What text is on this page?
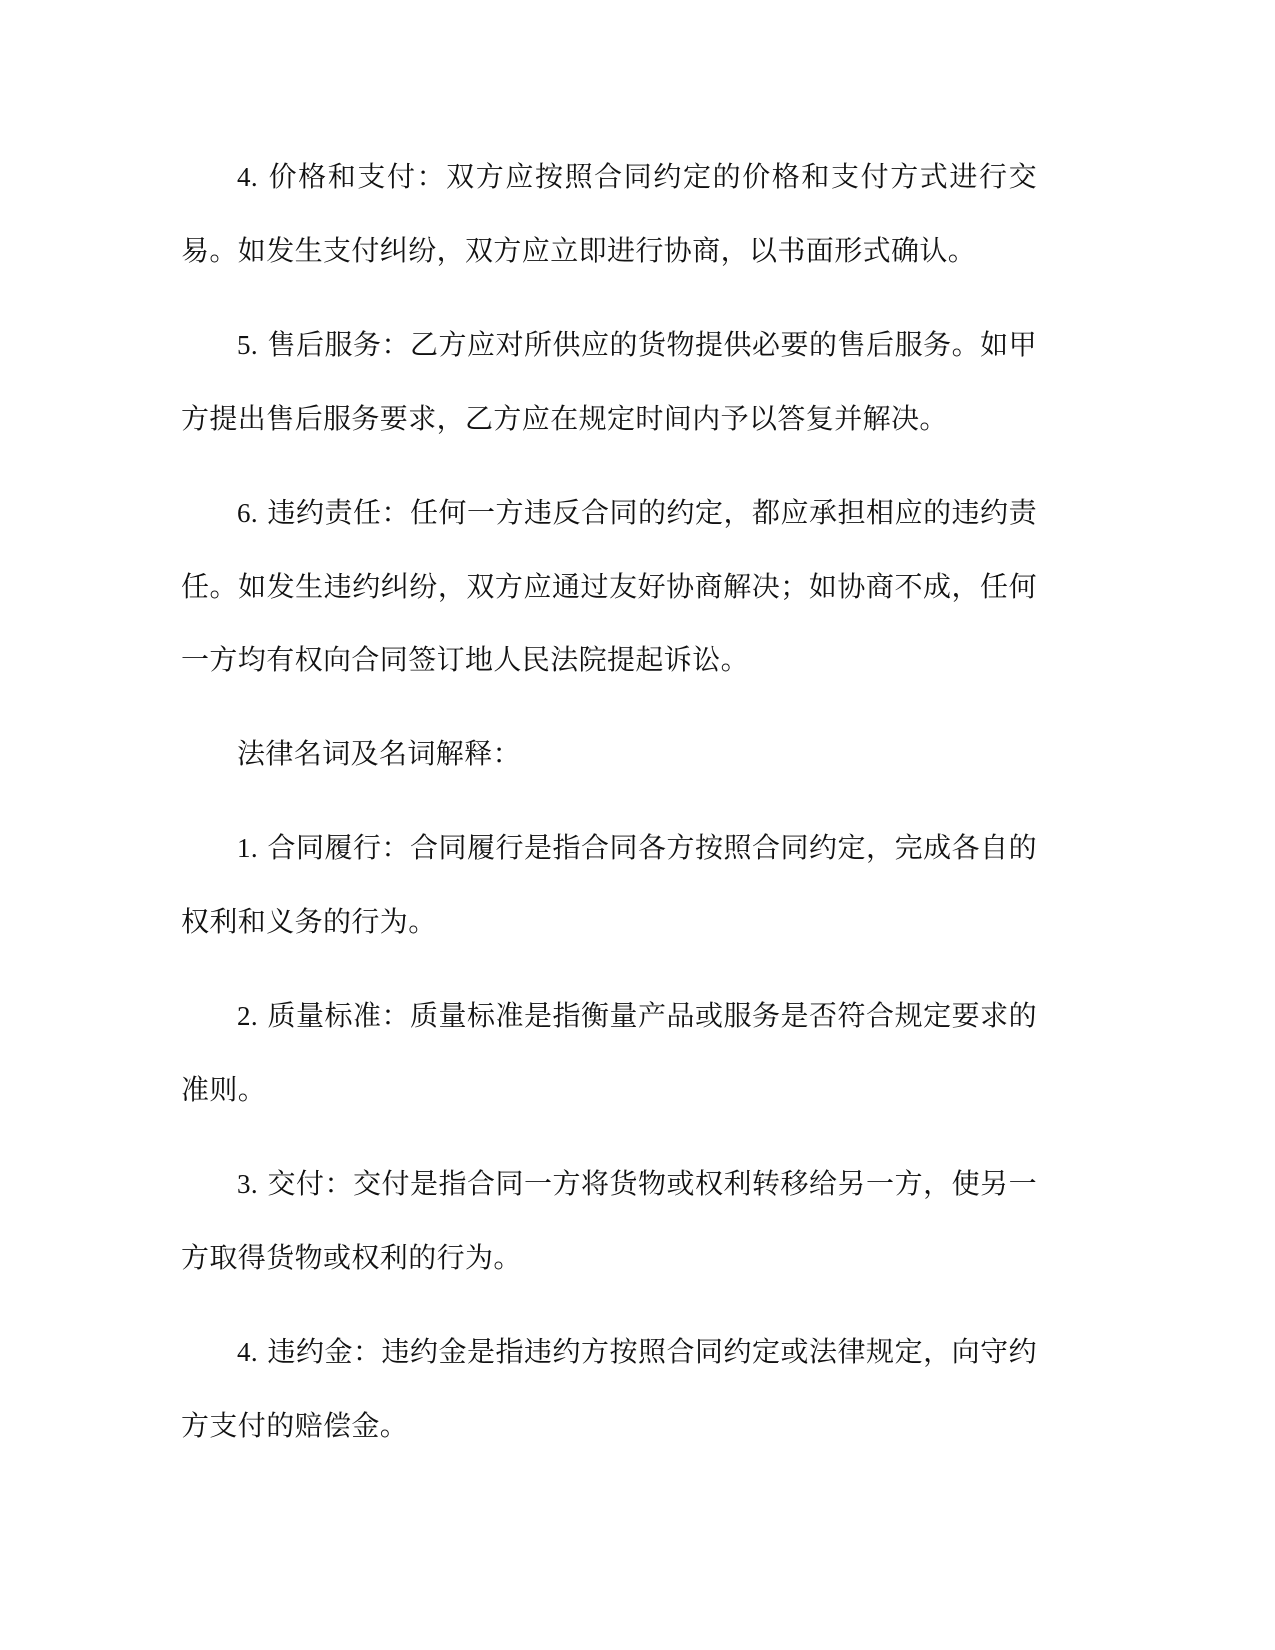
4. 价格和支付：双方应按照合同约定的价格和支付方式进行交易。如发生支付纠纷，双方应立即进行协商，以书面形式确认。

5. 售后服务：乙方应对所供应的货物提供必要的售后服务。如甲方提出售后服务要求，乙方应在规定时间内予以答复并解决。

6. 违约责任：任何一方违反合同的约定，都应承担相应的违约责任。如发生违约纠纷，双方应通过友好协商解决；如协商不成，任何一方均有权向合同签订地人民法院提起诉讼。

法律名词及名词解释：

1. 合同履行：合同履行是指合同各方按照合同约定，完成各自的权利和义务的行为。

2. 质量标准：质量标准是指衡量产品或服务是否符合规定要求的准则。

3. 交付：交付是指合同一方将货物或权利转移给另一方，使另一方取得货物或权利的行为。

4. 违约金：违约金是指违约方按照合同约定或法律规定，向守约方支付的赔偿金。
